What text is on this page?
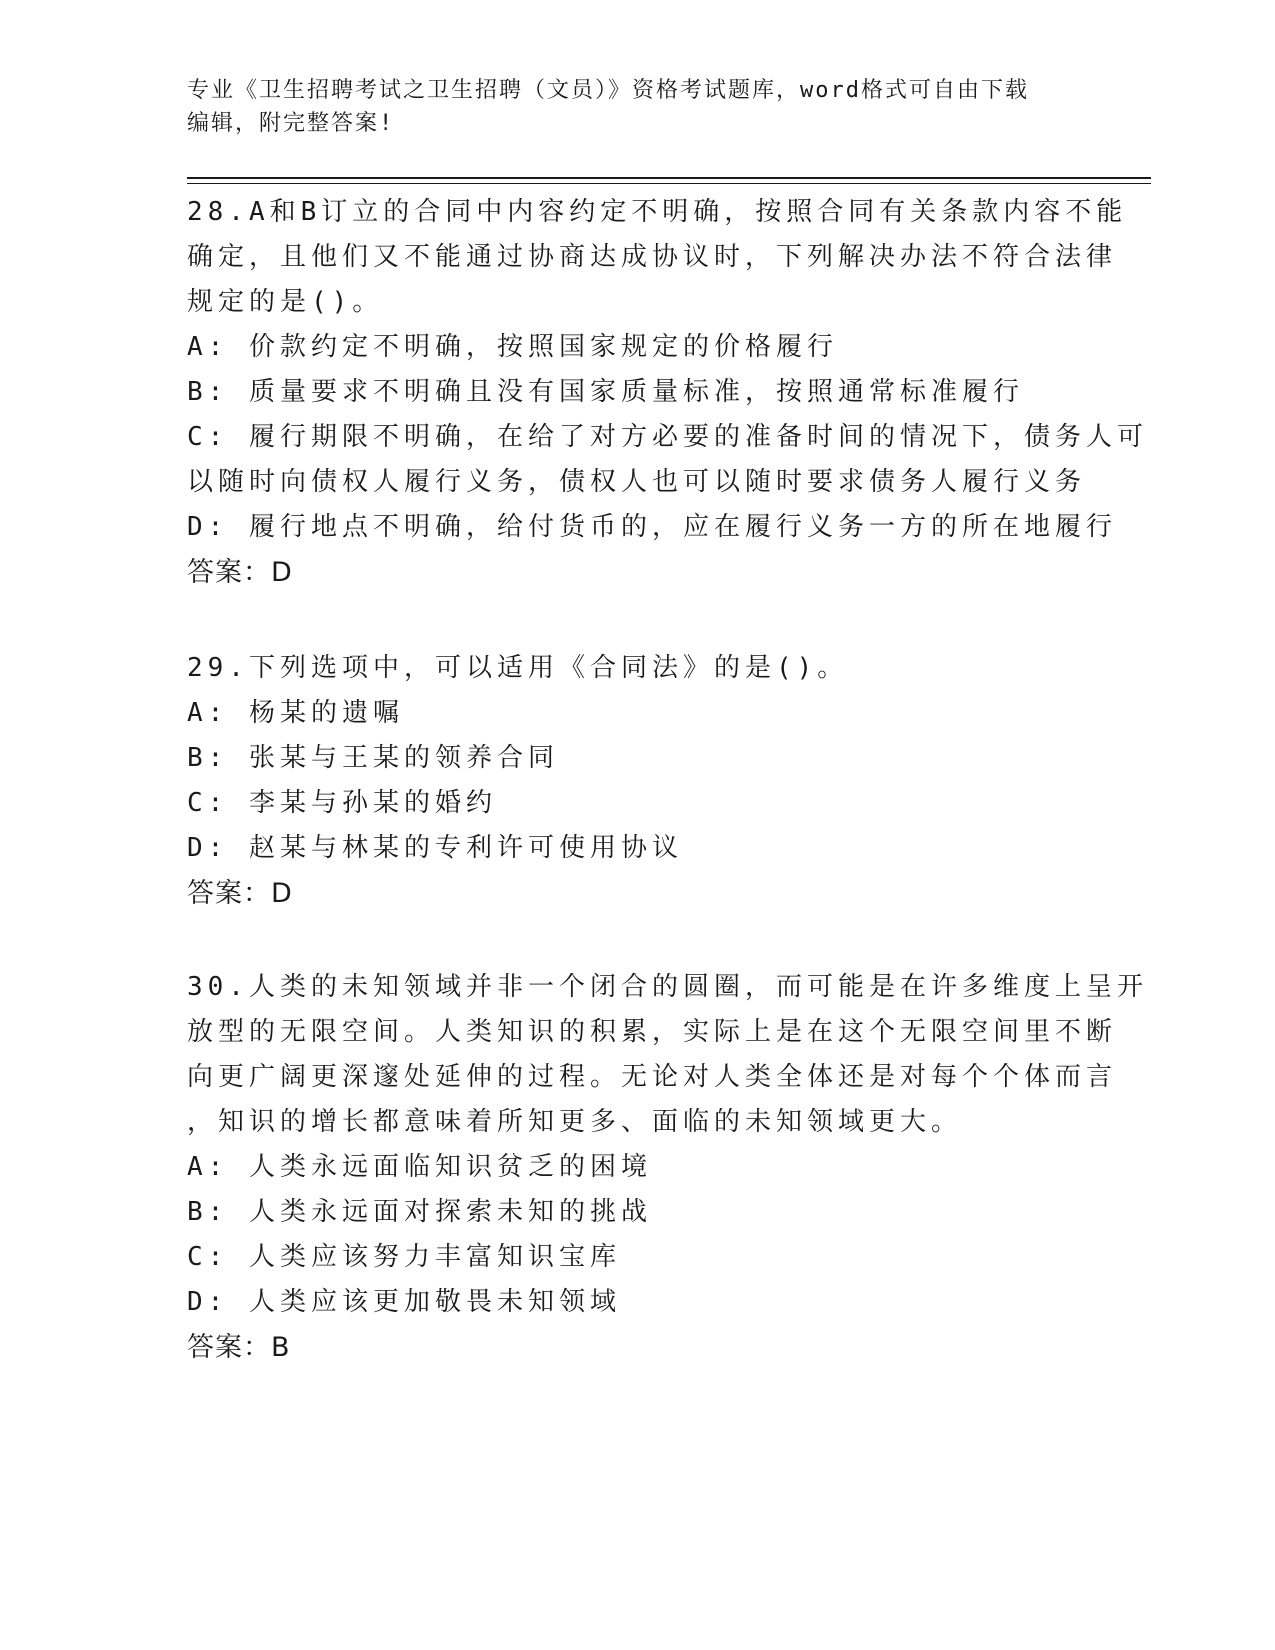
专业《卫生招聘考试之卫生招聘（文员）》资格考试题库，word格式可自由下载
编辑，附完整答案!
28.A和B订立的合同中内容约定不明确，按照合同有关条款内容不能
确定，且他们又不能通过协商达成协议时，下列解决办法不符合法律
规定的是()。
A: 价款约定不明确，按照国家规定的价格履行
B: 质量要求不明确且没有国家质量标准，按照通常标准履行
C: 履行期限不明确，在给了对方必要的准备时间的情况下，债务人可
以随时向债权人履行义务，债权人也可以随时要求债务人履行义务
D: 履行地点不明确，给付货币的，应在履行义务一方的所在地履行
答案：D
29.下列选项中，可以适用《合同法》的是()。
A: 杨某的遗嘱
B: 张某与王某的领养合同
C: 李某与孙某的婚约
D: 赵某与林某的专利许可使用协议
答案：D
30.人类的未知领域并非一个闭合的圆圈，而可能是在许多维度上呈开
放型的无限空间。人类知识的积累，实际上是在这个无限空间里不断
向更广阔更深邃处延伸的过程。无论对人类全体还是对每个个体而言
，知识的增长都意味着所知更多、面临的未知领域更大。
A: 人类永远面临知识贫乏的困境
B: 人类永远面对探索未知的挑战
C: 人类应该努力丰富知识宝库
D: 人类应该更加敬畏未知领域
答案：B
